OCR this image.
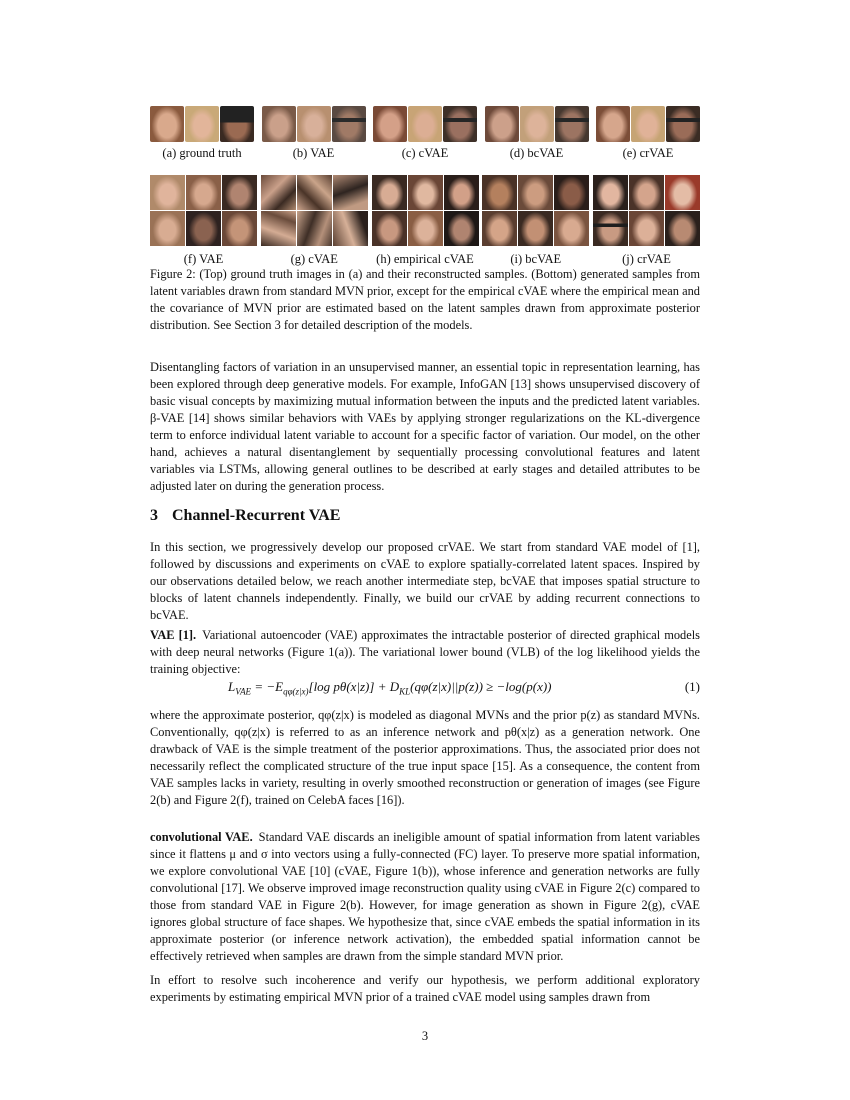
(a) ground truth	(b) VAE	(c) cVAE	(d) bcVAE	(e) crVAE
(f) VAE	(g) cVAE	(h) empirical cVAE	(i) bcVAE	(j) crVAE
Figure 2: (Top) ground truth images in (a) and their reconstructed samples. (Bottom) generated samples from latent variables drawn from standard MVN prior, except for the empirical cVAE where the empirical mean and the covariance of MVN prior are estimated based on the latent samples drawn from approximate posterior distribution. See Section 3 for detailed description of the models.

Disentangling factors of variation in an unsupervised manner, an essential topic in representation learning, has been explored through deep generative models. For example, InfoGAN [13] shows unsupervised discovery of basic visual concepts by maximizing mutual information between the inputs and the predicted latent variables. β-VAE [14] shows similar behaviors with VAEs by applying stronger regularizations on the KL-divergence term to enforce individual latent variable to account for a specific factor of variation. Our model, on the other hand, achieves a natural disentanglement by sequentially processing convolutional features and latent variables via LSTMs, allowing general outlines to be described at early stages and detailed attributes to be adjusted later on during the generation process.

3 Channel-Recurrent VAE

In this section, we progressively develop our proposed crVAE. We start from standard VAE model of [1], followed by discussions and experiments on cVAE to explore spatially-correlated latent spaces. Inspired by our observations detailed below, we reach another intermediate step, bcVAE that imposes spatial structure to blocks of latent channels independently. Finally, we build our crVAE by adding recurrent connections to bcVAE.

VAE [1]. Variational autoencoder (VAE) approximates the intractable posterior of directed graphical models with deep neural networks (Figure 1(a)). The variational lower bound (VLB) of the log likelihood yields the training objective:

$L_{VAE} = -E_{q\varphi(z|x)}[\log$ $p\theta(x|z)] + D_{KL}(q\varphi(z|x)||p(z)) \ge -\log(p(x))$	(1)

where the approximate posterior, qφ(z|x) is modeled as diagonal MVNs and the prior p(z) as standard MVNs. Conventionally, qφ(z|x) is referred to as an inference network and pθ(x|z) as a generation network. One drawback of VAE is the simple treatment of the posterior approximations. Thus, the associated prior does not necessarily reflect the complicated structure of the true input space [15]. As a consequence, the content from VAE samples lacks in variety, resulting in overly smoothed reconstruction or generation of images (see Figure 2(b) and Figure 2(f), trained on CelebA faces [16]).

convolutional VAE. Standard VAE discards an ineligible amount of spatial information from latent variables since it flattens μ and σ into vectors using a fully-connected (FC) layer. To preserve more spatial information, we explore convolutional VAE [10] (cVAE, Figure 1(b)), whose inference and generation networks are fully convolutional [17]. We observe improved image reconstruction quality using cVAE in Figure 2(c) compared to those from standard VAE in Figure 2(b). However, for image generation as shown in Figure 2(g), cVAE ignores global structure of face shapes. We hypothesize that, since cVAE embeds the spatial information in its approximate posterior (or inference network activation), the embedded spatial information cannot be effectively retrieved when samples are drawn from the simple standard MVN prior.

In effort to resolve such incoherence and verify our hypothesis, we perform additional exploratory experiments by estimating empirical MVN prior of a trained cVAE model using samples drawn from

3
